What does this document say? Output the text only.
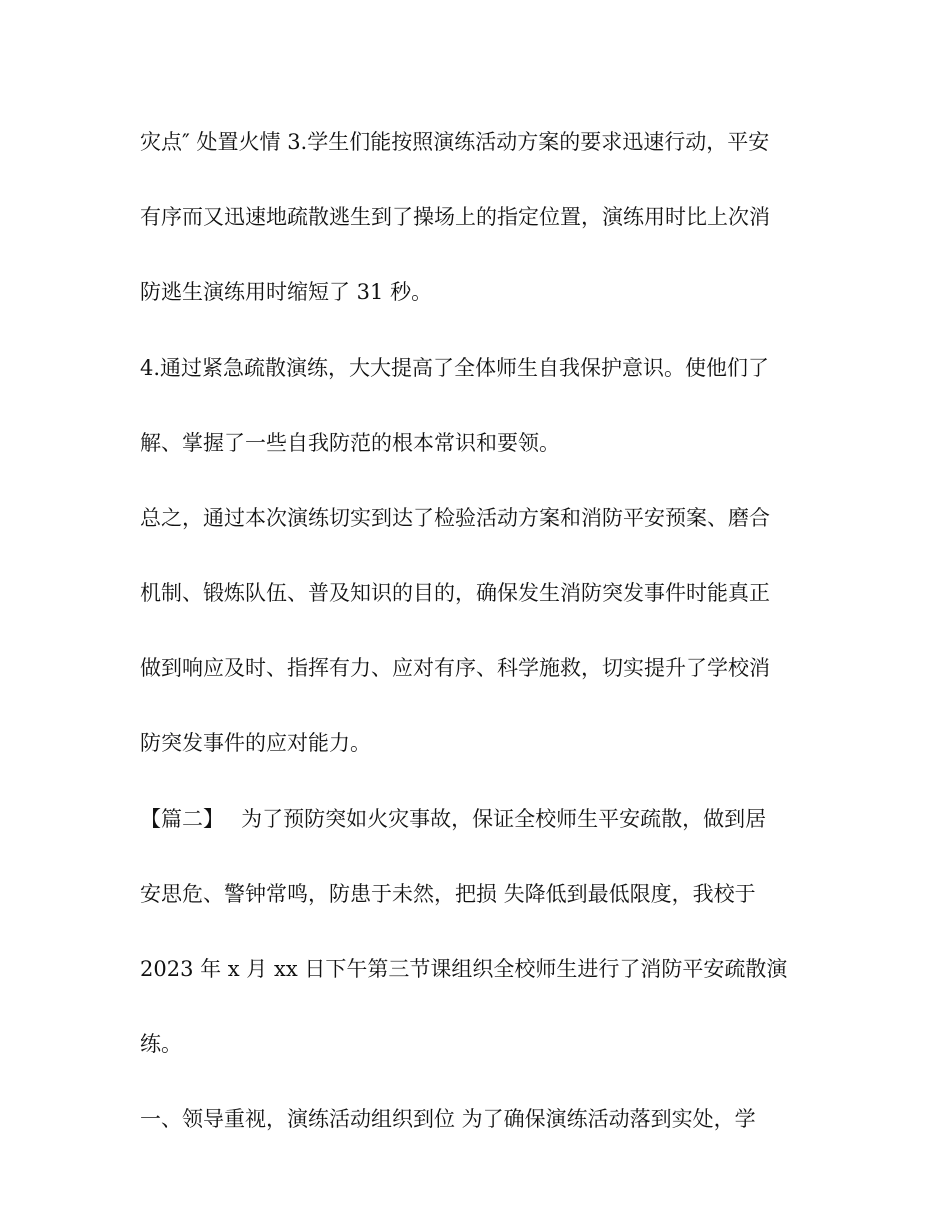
灾点″ 处置火情 3.学生们能按照演练活动方案的要求迅速行动，平安
有序而又迅速地疏散逃生到了操场上的指定位置，演练用时比上次消
防逃生演练用时缩短了 31 秒。
4.通过紧急疏散演练，大大提高了全体师生自我保护意识。使他们了
解、掌握了一些自我防范的根本常识和要领。
总之，通过本次演练切实到达了检验活动方案和消防平安预案、磨合
机制、锻炼队伍、普及知识的目的，确保发生消防突发事件时能真正
做到响应及时、指挥有力、应对有序、科学施救，切实提升了学校消
防突发事件的应对能力。
【篇二】　 为了预防突如火灾事故，保证全校师生平安疏散，做到居
安思危、警钟常鸣，防患于未然，把损 失降低到最低限度，我校于
2023 年 x 月 xx 日下午第三节课组织全校师生进行了消防平安疏散演
练。
一、领导重视，演练活动组织到位 为了确保演练活动落到实处，学
